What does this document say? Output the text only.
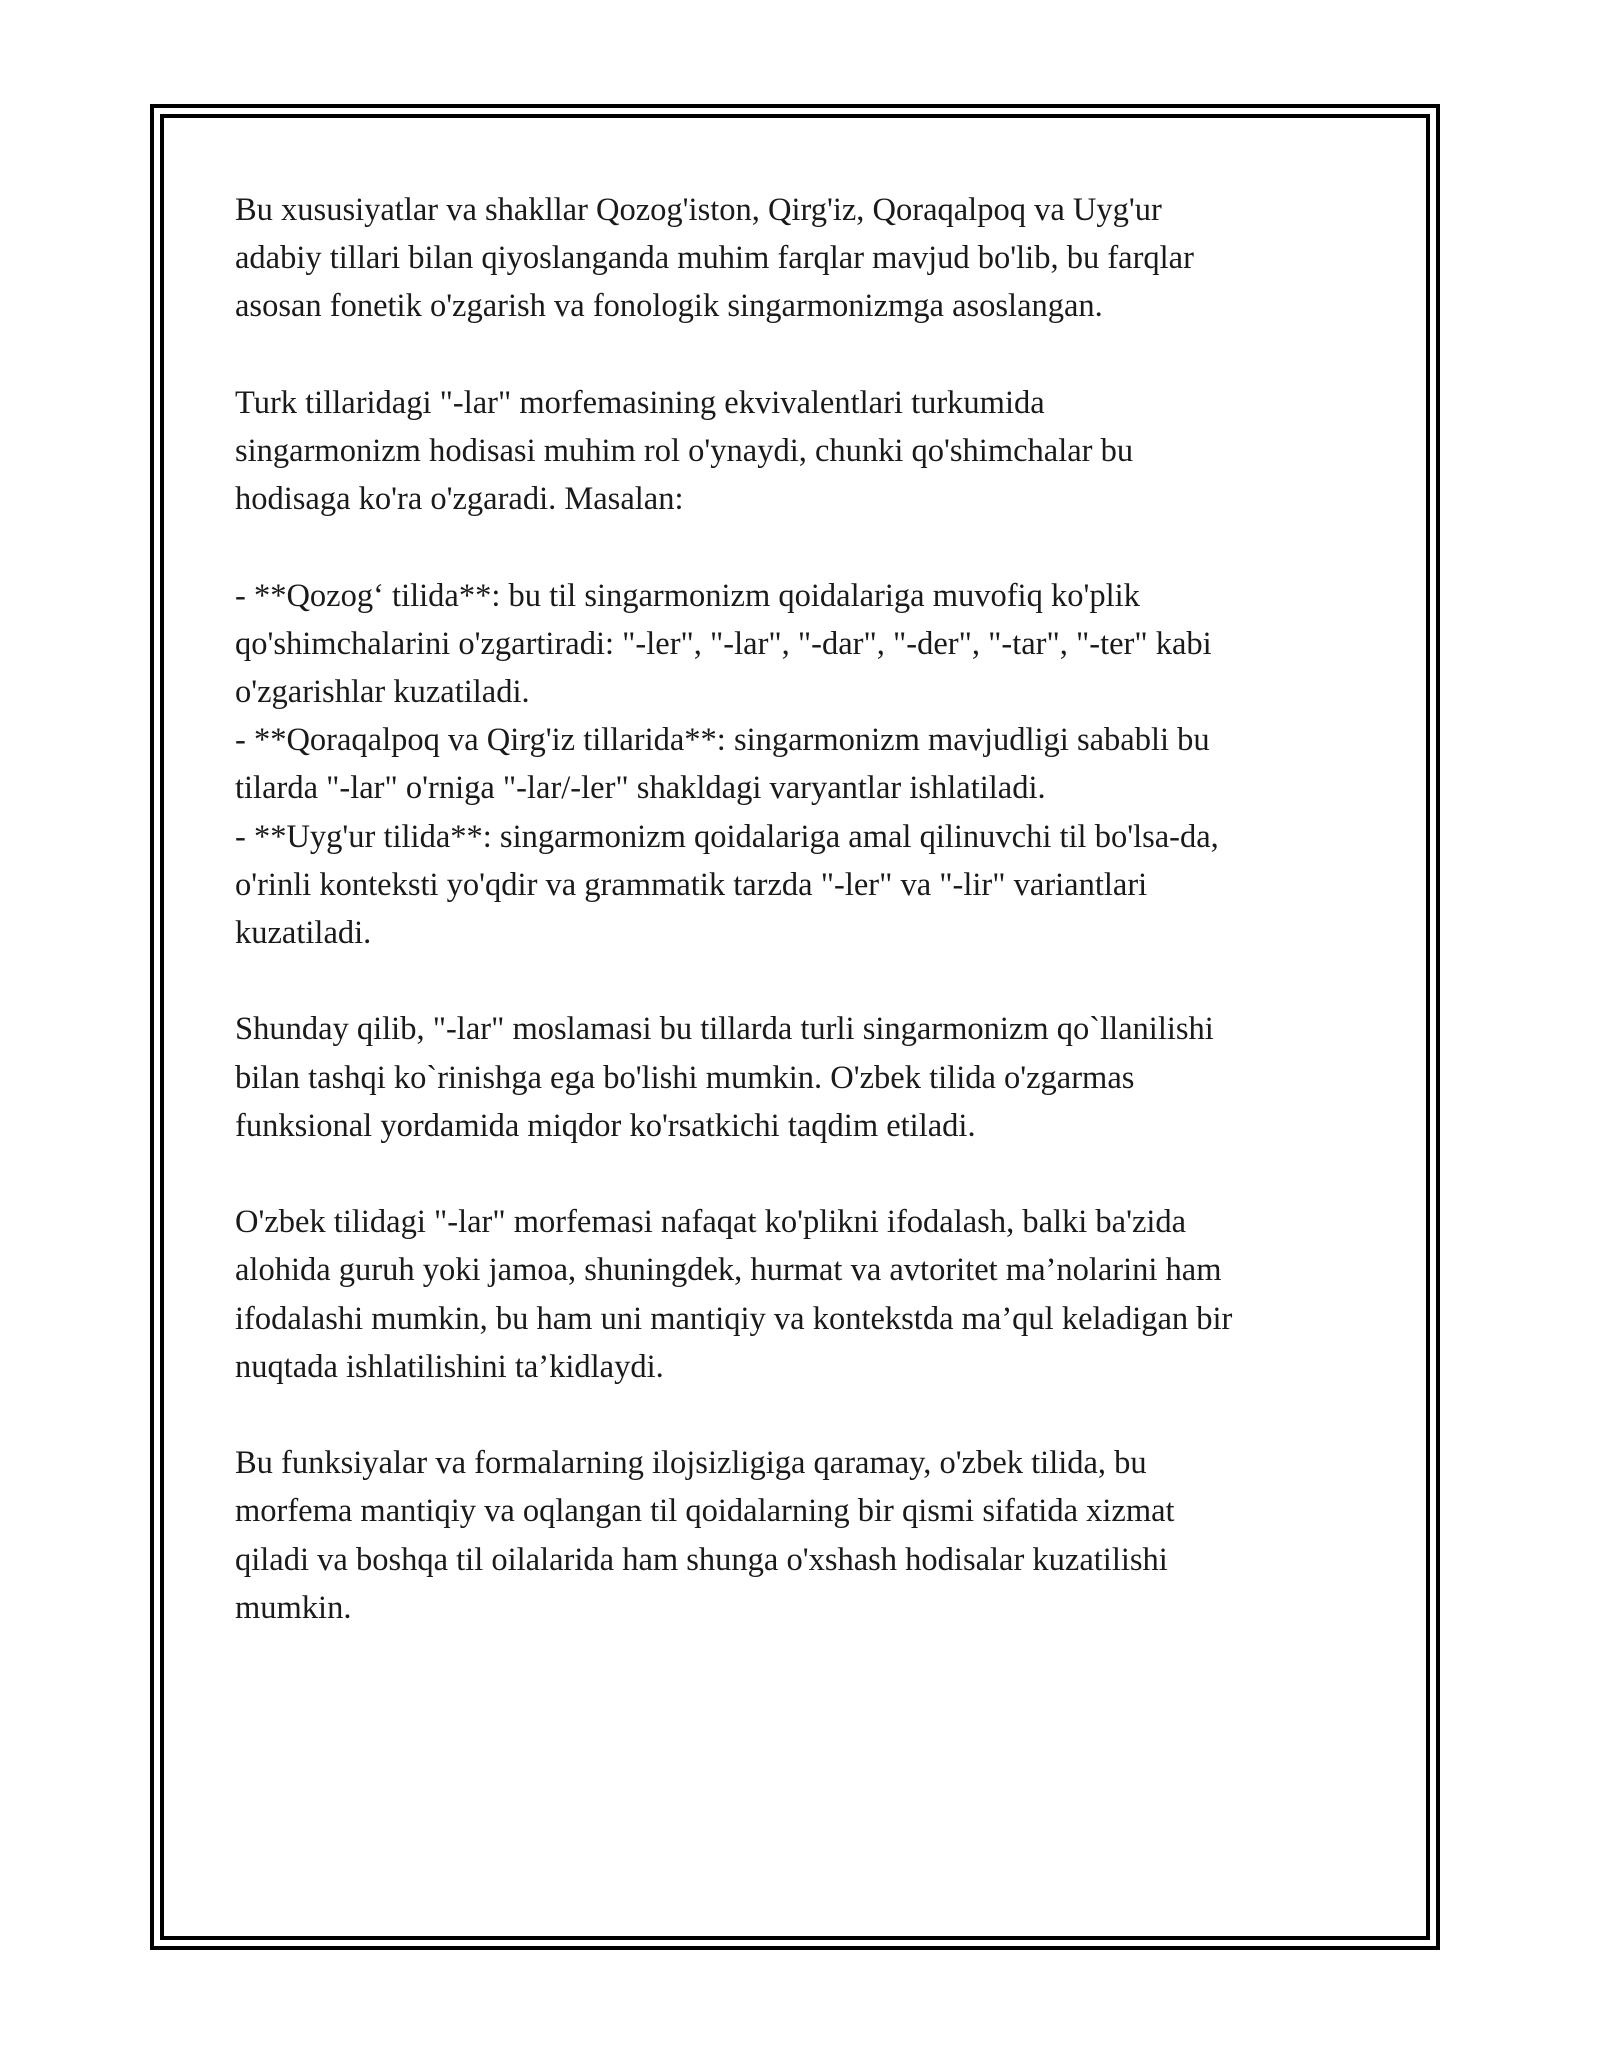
Bu xususiyatlar va shakllar Qozog'iston, Qirg'iz, Qoraqalpoq va Uyg'ur

adabiy tillari bilan qiyoslanganda muhim farqlar mavjud bo'lib, bu farqlar

asosan fonetik o'zgarish va fonologik singarmonizmga asoslangan.

Turk tillaridagi "-lar" morfemasining ekvivalentlari turkumida

singarmonizm hodisasi muhim rol o'ynaydi, chunki qo'shimchalar bu

hodisaga ko'ra o'zgaradi. Masalan:

- **Qozog‘ tilida**: bu til singarmonizm qoidalariga muvofiq ko'plik

qo'shimchalarini o'zgartiradi: "-ler", "-lar", "-dar", "-der", "-tar", "-ter" kabi

o'zgarishlar kuzatiladi.

- **Qoraqalpoq va Qirg'iz tillarida**: singarmonizm mavjudligi sababli bu

tilarda "-lar" o'rniga "-lar/-ler" shakldagi varyantlar ishlatiladi.

- **Uyg'ur tilida**: singarmonizm qoidalariga amal qilinuvchi til bo'lsa-da,

o'rinli konteksti yo'qdir va grammatik tarzda "-ler" va "-lir" variantlari

kuzatiladi.

Shunday qilib, "-lar" moslamasi bu tillarda turli singarmonizm qo`llanilishi

bilan tashqi ko`rinishga ega bo'lishi mumkin. O'zbek tilida o'zgarmas

funksional yordamida miqdor ko'rsatkichi taqdim etiladi.

O'zbek tilidagi "-lar" morfemasi nafaqat ko'plikni ifodalash, balki ba'zida

alohida guruh yoki jamoa, shuningdek, hurmat va avtoritet ma’nolarini ham

ifodalashi mumkin, bu ham uni mantiqiy va kontekstda ma’qul keladigan bir

nuqtada ishlatilishini ta’kidlaydi.

Bu funksiyalar va formalarning ilojsizligiga qaramay, o'zbek tilida, bu

morfema mantiqiy va oqlangan til qoidalarning bir qismi sifatida xizmat

qiladi va boshqa til oilalarida ham shunga o'xshash hodisalar kuzatilishi

mumkin.
